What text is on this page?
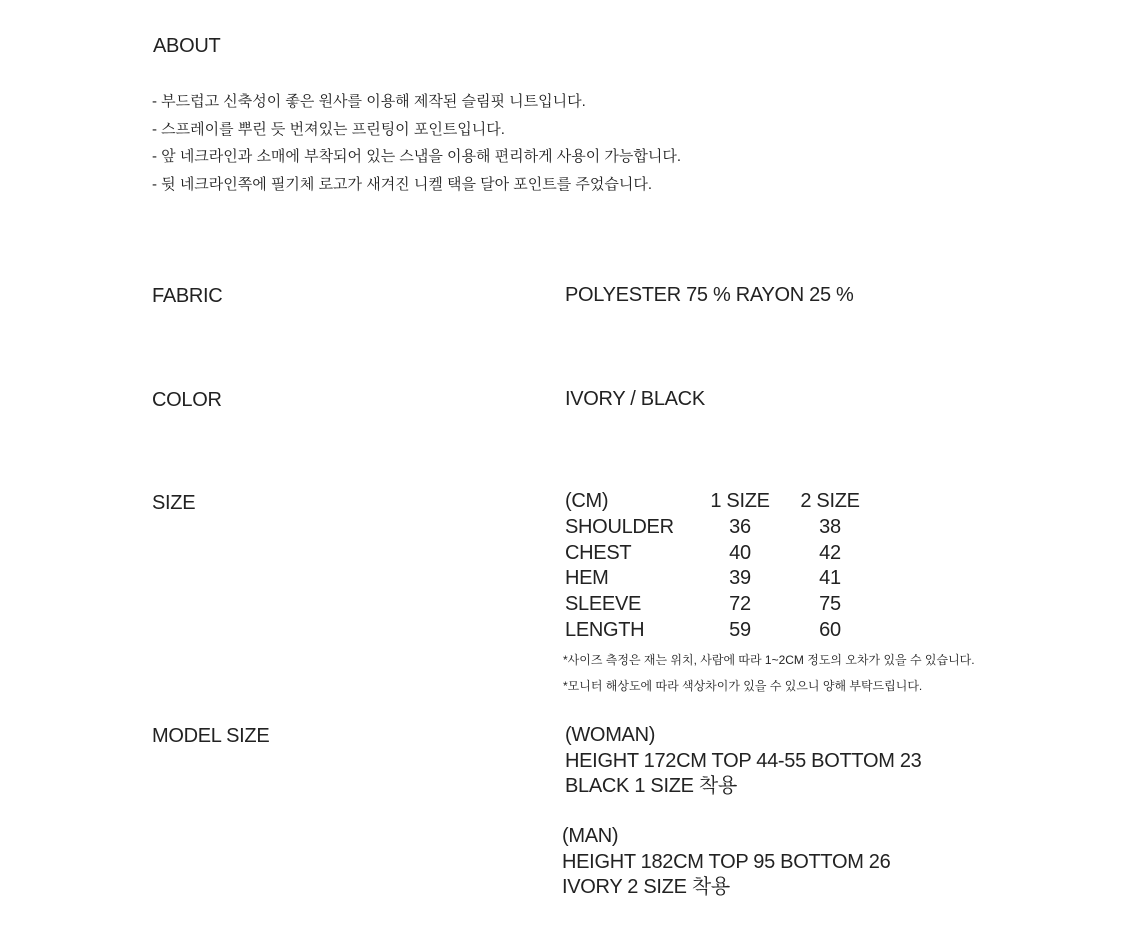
ABOUT
- 부드럽고 신축성이 좋은 원사를 이용해 제작된 슬림핏 니트입니다.
- 스프레이를 뿌린 듯 번져있는 프린팅이 포인트입니다.
- 앞 네크라인과 소매에 부착되어 있는 스냅을 이용해 편리하게 사용이 가능합니다.
- 뒷 네크라인쪽에 필기체 로고가 새겨진 니켈 택을 달아 포인트를 주었습니다.
FABRIC	POLYESTER 75 % RAYON 25 %
COLOR	IVORY / BLACK
SIZE	(CM)	1 SIZE	2 SIZE
SHOULDER	36	38
CHEST	40	42
HEM	39	41
SLEEVE	72	75
LENGTH	59	60
*사이즈 측정은 재는 위치, 사람에 따라 1~2CM 정도의 오차가 있을 수 있습니다.
*모니터 해상도에 따라 색상차이가 있을 수 있으니 양해 부탁드립니다.
MODEL SIZE	(WOMAN)
HEIGHT 172CM TOP 44-55 BOTTOM 23
BLACK 1 SIZE 착용
(MAN)
HEIGHT 182CM TOP 95 BOTTOM 26
IVORY 2 SIZE 착용
